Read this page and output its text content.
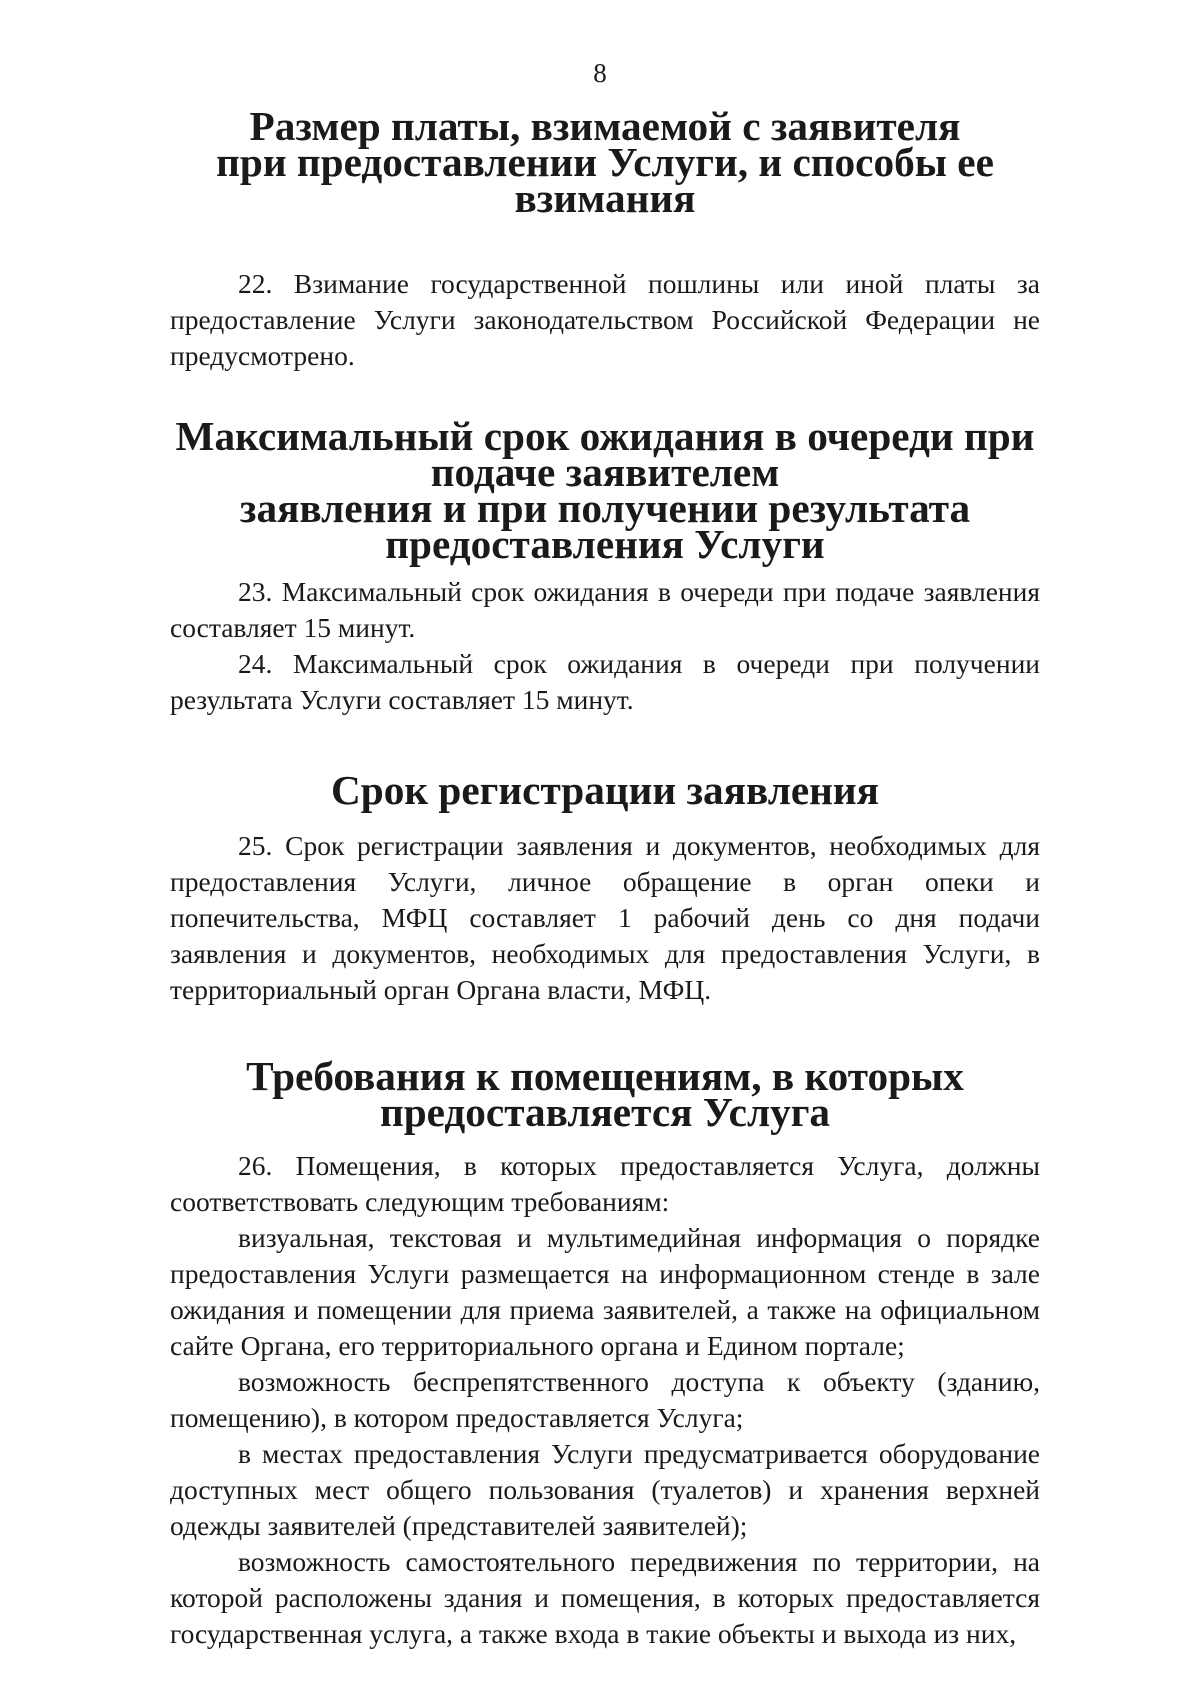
8
Размер платы, взимаемой с заявителя
при предоставлении Услуги, и способы ее взимания

22. Взимание государственной пошлины или иной платы за предоставление Услуги законодательством Российской Федерации не предусмотрено.

Максимальный срок ожидания в очереди при подаче заявителем
заявления и при получении результата предоставления Услуги

23. Максимальный срок ожидания в очереди при подаче заявления составляет 15 минут.

24. Максимальный срок ожидания в очереди при получении результата Услуги составляет 15 минут.

Срок регистрации заявления

25. Срок регистрации заявления и документов, необходимых для предоставления Услуги, личное обращение в орган опеки и попечительства, МФЦ составляет 1 рабочий день со дня подачи заявления и документов, необходимых для предоставления Услуги, в территориальный орган Органа власти, МФЦ.

Требования к помещениям, в которых предоставляется Услуга

26. Помещения, в которых предоставляется Услуга, должны соответствовать следующим требованиям:

визуальная, текстовая и мультимедийная информация о порядке предоставления Услуги размещается на информационном стенде в зале ожидания и помещении для приема заявителей, а также на официальном сайте Органа, его территориального органа и Едином портале;

возможность беспрепятственного доступа к объекту (зданию, помещению), в котором предоставляется Услуга;

в местах предоставления Услуги предусматривается оборудование доступных мест общего пользования (туалетов) и хранения верхней одежды заявителей (представителей заявителей);

возможность самостоятельного передвижения по территории, на которой расположены здания и помещения, в которых предоставляется государственная услуга, а также входа в такие объекты и выхода из них,
